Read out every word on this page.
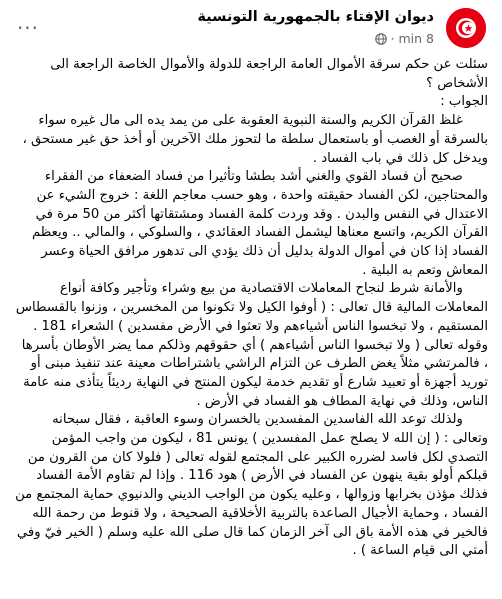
ديوان الإفتاء بالجمهورية التونسية
8 min
·
···

سئلت عن حكم سرقة الأموال العامة الراجعة للدولة والأموال الخاصة الراجعة الى الأشخاص ؟

الجواب :

غلظ القرآن الكريم والسنة النبوية العقوبة على من يمد يده الى مال غيره سواء بالسرقة أو الغصب أو باستعمال سلطة ما لتحوز ملك الآخرين أو أخذ حق غير مستحق ، ويدخل كل ذلك في باب الفساد .

صحيح أن فساد القوي والغني أشد بطشا وتأثيرا من فساد الضعفاء من الفقراء والمحتاجين، لكن الفساد حقيقته واحدة ، وهو حسب معاجم اللغة : خروج الشيء عن الاعتدال في النفس والبدن . وقد وردت كلمة الفساد ومشتقاتها أكثر من 50 مرة في القرآن الكريم، واتسع معناها ليشمل الفساد العقائدي ، والسلوكي ، والمالي .. ويعظم الفساد إذا كان في أموال الدولة بدليل أن ذلك يؤدي الى تدهور مرافق الحياة وعسر المعاش وتعم به البلية .

والأمانة شرط لنجاح المعاملات الاقتصادية من بيع وشراء وتأجير وكافة أنواع المعاملات المالية قال تعالى : ( أوفوا الكيل ولا تكونوا من المخسرين ، وزنوا بالقسطاس المستقيم ، ولا تبخسوا الناس أشياءهم ولا تعثوا في الأرض مفسدين ) الشعراء 181 . وقوله تعالى ( ولا تبخسوا الناس أشياءهم ) أي حقوقهم وذلكم مما يضر الأوطان بأسرها ، فالمرتشي مثلاً يغض الطرف عن التزام الراشي باشتراطات معينة عند تنفيذ مبنى أو توريد أجهزة أو تعبيد شارع أو تقديم خدمة ليكون المنتج في النهاية رديئاً يتأذى منه عامة الناس، وذلك في نهاية المطاف هو الفساد في الأرض .

ولذلك توعد الله الفاسدين المفسدين بالخسران وسوء العاقبة ، فقال سبحانه وتعالى : ( إن الله لا يصلح عمل المفسدين ) يونس 81 ، ليكون من واجب المؤمن التصدي لكل فاسد لضرره الكبير على المجتمع لقوله تعالى ( فلولا كان من القرون من قبلكم أولو بقية ينهون عن الفساد في الأرض ) هود 116 . وإذا لم تقاوم الأمة الفساد فذلك مؤذن بخرابها وزوالها ، وعليه يكون من الواجب الديني والدنيوي حماية المجتمع من الفساد ، وحماية الأجيال الصاعدة بالتربية الأخلاقية الصحيحة ، ولا قنوط من رحمة الله فالخير في هذه الأمة باق الى آخر الزمان كما قال صلى الله عليه وسلم ( الخير فيّ وفي أمتي الى قيام الساعة ) .
